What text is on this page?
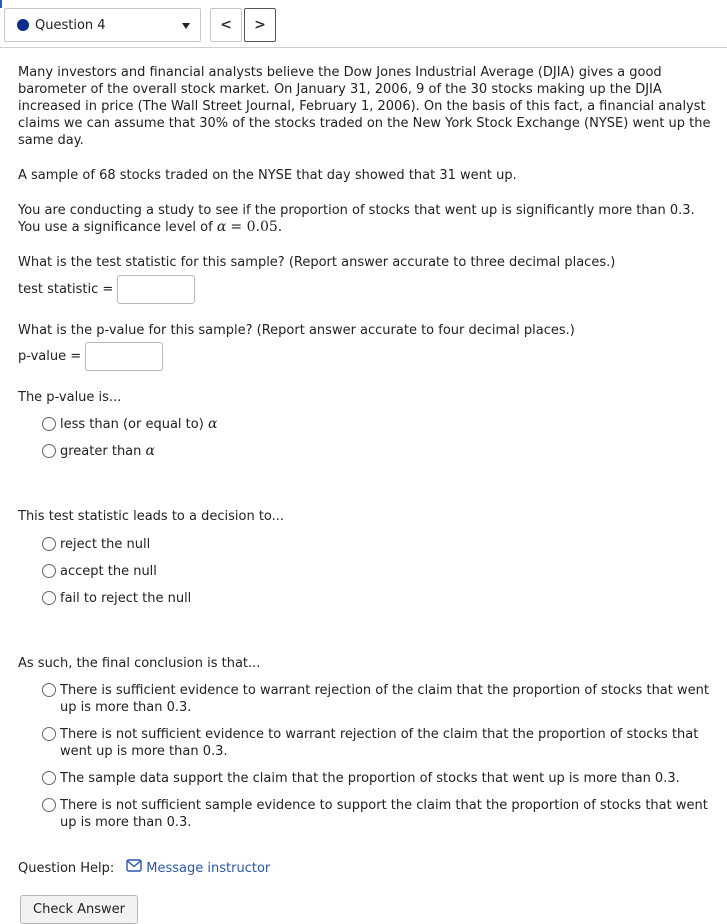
Question 4	<	>

Many investors and financial analysts believe the Dow Jones Industrial Average (DJIA) gives a good barometer of the overall stock market. On January 31, 2006, 9 of the 30 stocks making up the DJIA increased in price (The Wall Street Journal, February 1, 2006). On the basis of this fact, a financial analyst claims we can assume that 30% of the stocks traded on the New York Stock Exchange (NYSE) went up the same day.

A sample of 68 stocks traded on the NYSE that day showed that 31 went up.

You are conducting a study to see if the proportion of stocks that went up is significantly more than 0.3.

You use a significance level of α = 0.05.

What is the test statistic for this sample? (Report answer accurate to three decimal places.)

test statistic =

What is the p-value for this sample? (Report answer accurate to four decimal places.)

p-value =

The p-value is...

less than (or equal to) α
greater than α

This test statistic leads to a decision to...

reject the null
accept the null
fail to reject the null

As such, the final conclusion is that...

There is sufficient evidence to warrant rejection of the claim that the proportion of stocks that went up is more than 0.3.
There is not sufficient evidence to warrant rejection of the claim that the proportion of stocks that went up is more than 0.3.
The sample data support the claim that the proportion of stocks that went up is more than 0.3.
There is not sufficient sample evidence to support the claim that the proportion of stocks that went up is more than 0.3.
Question Help: Message instructor
Check Answer
